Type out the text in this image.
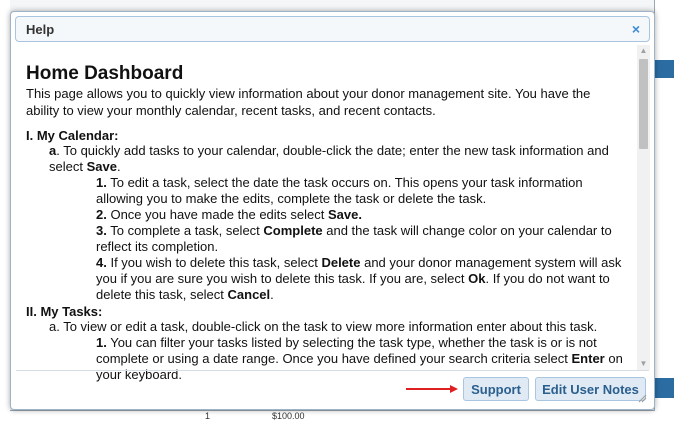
1	$100.00
Help	×
Home Dashboard

This page allows you to quickly view information about your donor management site. You have the ability to view your monthly calendar, recent tasks, and recent contacts.

I. My Calendar:

a. To quickly add tasks to your calendar, double-click the date; enter the new task information and select Save.

1. To edit a task, select the date the task occurs on. This opens your task information allowing you to make the edits, complete the task or delete the task.

2. Once you have made the edits select Save.

3. To complete a task, select Complete and the task will change color on your calendar to reflect its completion.

4. If you wish to delete this task, select Delete and your donor management system will ask you if you are sure you wish to delete this task. If you are, select Ok. If you do not want to delete this task, select Cancel.

II. My Tasks:

a. To view or edit a task, double-click on the task to view more information enter about this task.

1. You can filter your tasks listed by selecting the task type, whether the task is or is not complete or using a date range. Once you have defined your search criteria select Enter on your keyboard.

▲
▼
Support	Edit User Notes
